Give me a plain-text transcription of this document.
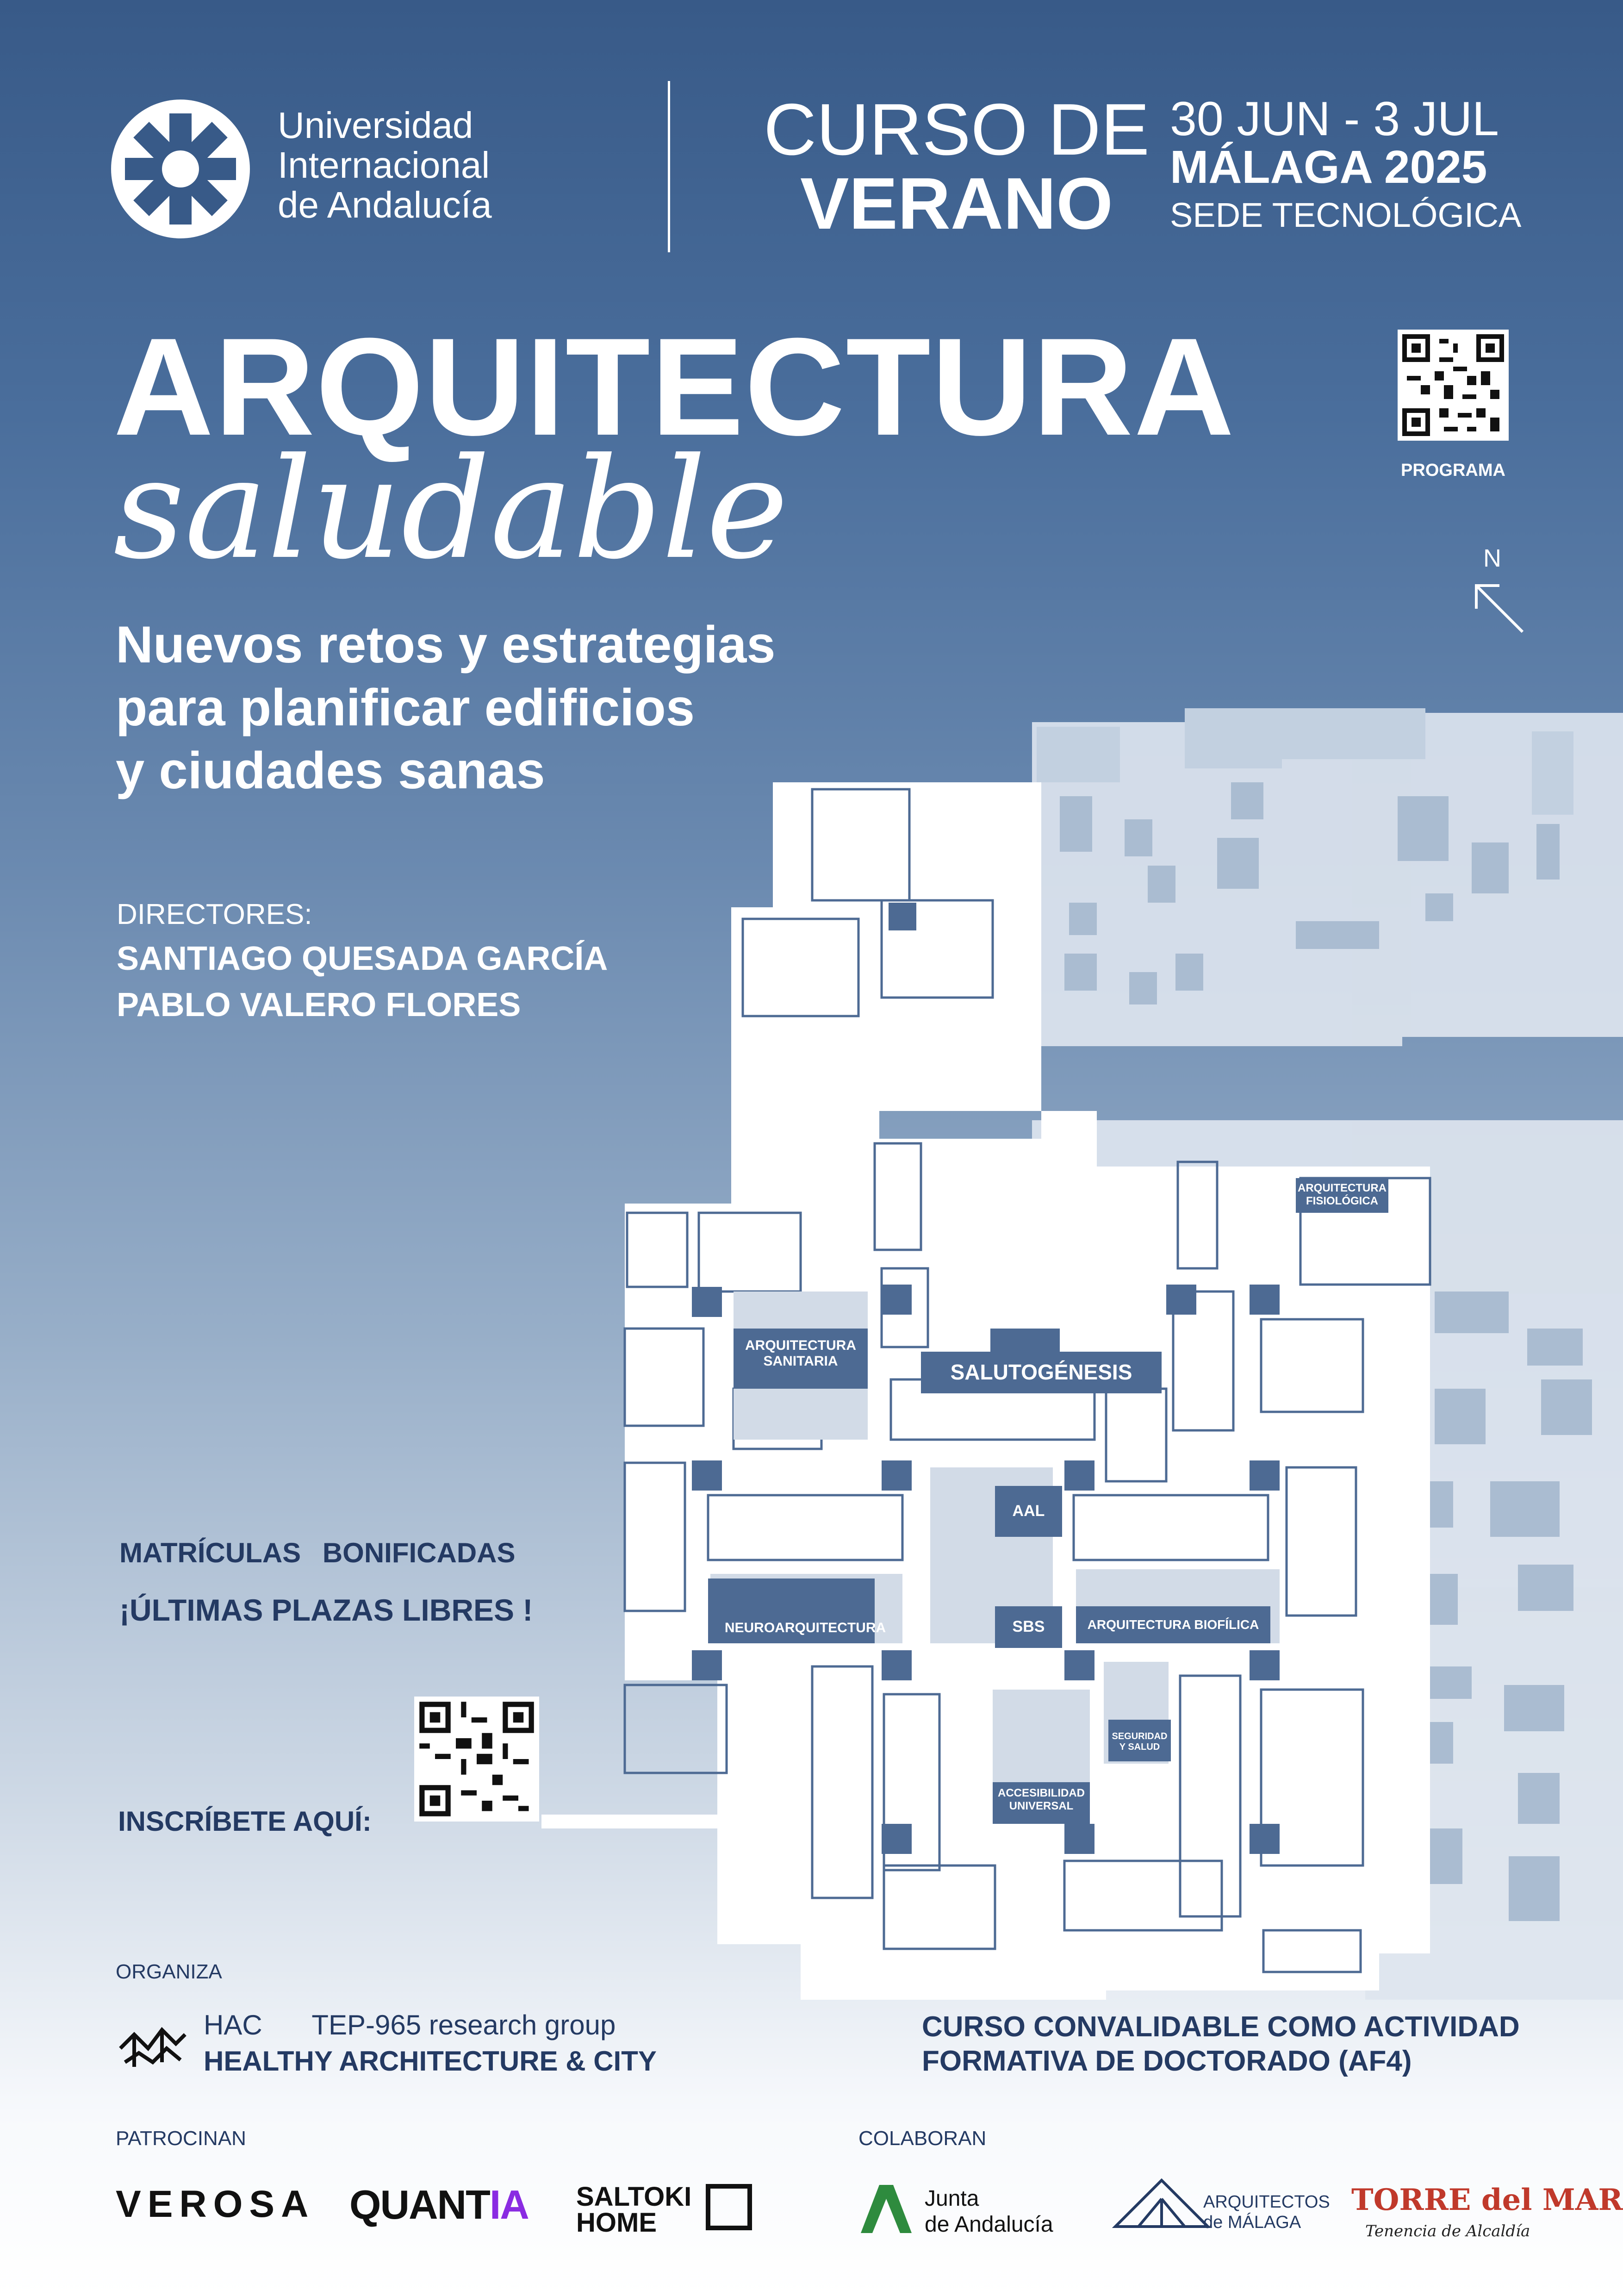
Universidad
Internacional
de Andalucía
CURSO DE
VERANO
30 JUN - 3 JUL
MÁLAGA 2025
SEDE TECNOLÓGICA
PROGRAMA
ARQUITECTURA
saludable
Nuevos retos y estrategias
para planificar edificios
y ciudades sanas
DIRECTORES:
SANTIAGO QUESADA GARCÍA
PABLO VALERO FLORES
N
ARQUITECTURA
SANITARIA	SALUTOGÉNESIS
ARQUITECTURA
FISIOLÓGICA
AAL
SBS
NEUROARQUITECTURA	ARQUITECTURA BIOFÍLICA
SEGURIDAD
Y SALUD
ACCESIBILIDAD
UNIVERSAL
MATRÍCULAS BONIFICADAS
¡ÚLTIMAS PLAZAS LIBRES !
INSCRÍBETE AQUÍ:
ORGANIZA
HAC TEP-965 research group
HEALTHY ARCHITECTURE & CITY
CURSO CONVALIDABLE COMO ACTIVIDAD
FORMATIVA DE DOCTORADO (AF4)
PATROCINAN
VEROSA QUANTIA SALTOKI
HOME
COLABORAN
Junta
de Andalucía
ARQUITECTOS
de MÁLAGA
TORRE del MAR
Tenencia de Alcaldía
